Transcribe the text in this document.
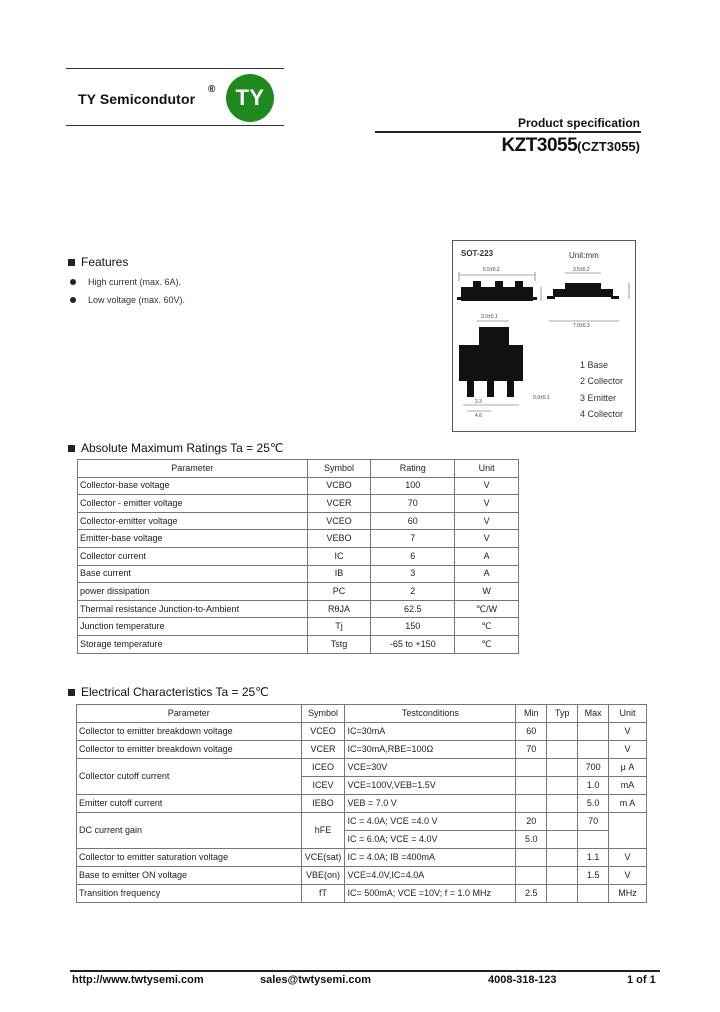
TY Semicondutor
® TY
Product specification
KZT3055(CZT3055)
Features
High current (max. 6A).
Low voltage (max. 60V).
SOT-223	Unit:mm
3.0±0.1
2.3
4.6
0.9±0.1
6.5±0.2	3.5±0.2
7.0±0.3
1 Base
2 Collector
3 Emitter
4 Collector
Absolute Maximum Ratings Ta = 25℃
Parameter	Symbol	Rating	Unit
Collector-base voltage	VCBO	100	V
Collector - emitter voltage	VCER	70	V
Collector-emitter voltage	VCEO	60	V
Emitter-base voltage	VEBO	7	V
Collector current	IC	6	A
Base current	IB	3	A
power dissipation	PC	2	W
Thermal resistance Junction-to-Ambient	RθJA	62.5	℃/W
Junction temperature	Tj	150	℃
Storage temperature	Tstg	-65 to +150	℃
Electrical Characteristics Ta = 25℃
Parameter	Symbol	Testconditions	Min	Typ	Max	Unit
Collector to emitter breakdown voltage	VCEO	IC=30mA	60			V
Collector to emitter breakdown voltage	VCER	IC=30mA,RBE=100Ω	70			V
Collector cutoff current	ICEO	VCE=30V			700	μ A
	ICEV	VCE=100V,VEB=1.5V			1.0	mA
Emitter cutoff current	IEBO	VEB = 7.0 V			5.0	m A
DC current gain	hFE	IC = 4.0A; VCE =4.0 V	20		70	
		IC = 6.0A; VCE = 4.0V	5.0			
Collector to emitter saturation voltage	VCE(sat)	IC = 4.0A; IB =400mA			1.1	V
Base to emitter ON voltage	VBE(on)	VCE=4.0V,IC=4.0A			1.5	V
Transition frequency	fT	IC= 500mA; VCE =10V; f = 1.0 MHz	2.5			MHz
http://www.twtysemi.com	sales@twtysemi.com	4008-318-123	1 of 1
